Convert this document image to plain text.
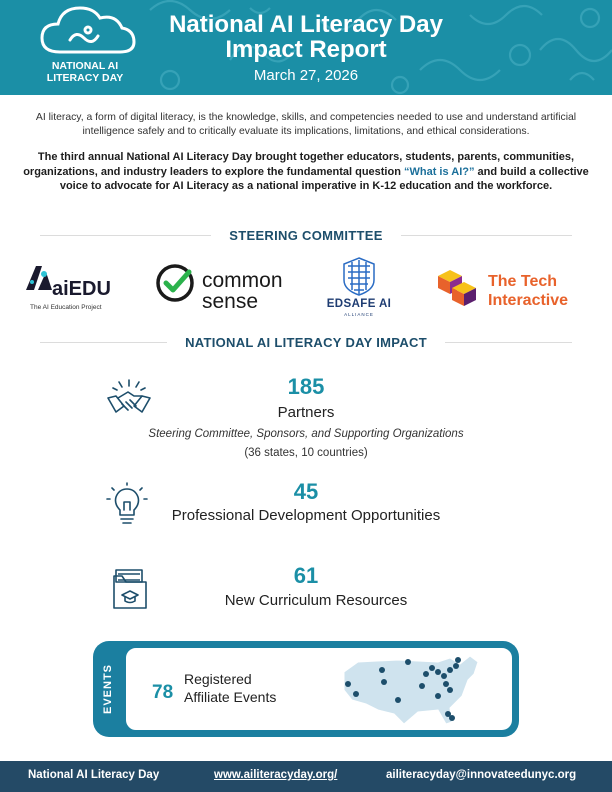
NATIONAL AI
LITERACY DAY
National AI Literacy Day
Impact Report
March 27, 2026

AI literacy, a form of digital literacy, is the knowledge, skills, and competencies needed to use and understand artificial intelligence safely and to critically evaluate its implications, limitations, and ethical considerations.

The third annual National AI Literacy Day brought together educators, students, parents, communities, organizations, and industry leaders to explore the fundamental question “What is AI?” and build a collective voice to advocate for AI Literacy as a national imperative in K-12 education and the workforce.

STEERING COMMITTEE
aiEDU
The AI Education Project
common
sense	EDSAFE AI
ALLIANCE
The Tech
Interactive
NATIONAL AI LITERACY DAY IMPACT
185
Partners
Steering Committee, Sponsors, and Supporting Organizations
(36 states, 10 countries)
45
Professional Development Opportunities
61
New Curriculum Resources
EVENTS 78
Registered
Affiliate Events
National AI Literacy Day	www.ailiteracyday.org/	ailiteracyday@innovateedunyc.org
